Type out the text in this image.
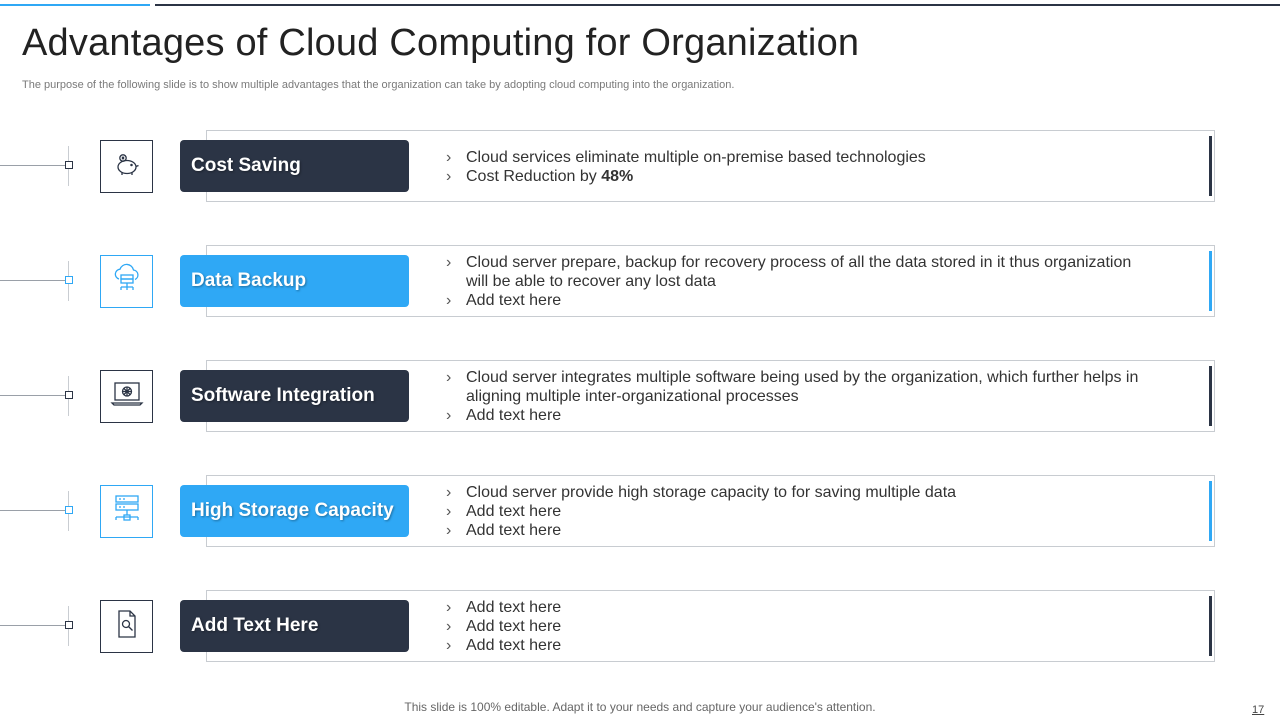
Advantages of Cloud Computing for Organization

The purpose of the following slide is to show multiple advantages that the organization can take by adopting cloud computing into the organization.

Cost Saving
›	Cloud services eliminate multiple on-premise based technologies
› Cost Reduction by 48%
Data Backup
› Cloud server prepare, backup for recovery process of all the data stored in it thus organization will be able to recover any lost data
› Add text here
Software Integration
› Cloud server integrates multiple software being used by the organization, which further helps in aligning multiple inter-organizational processes
› Add text here
High Storage Capacity
› Cloud server provide high storage capacity to for saving multiple data
› Add text here
› Add text here
Add Text Here
› Add text here
› Add text here
› Add text here
This slide is 100% editable. Adapt it to your needs and capture your audience's attention.	17
